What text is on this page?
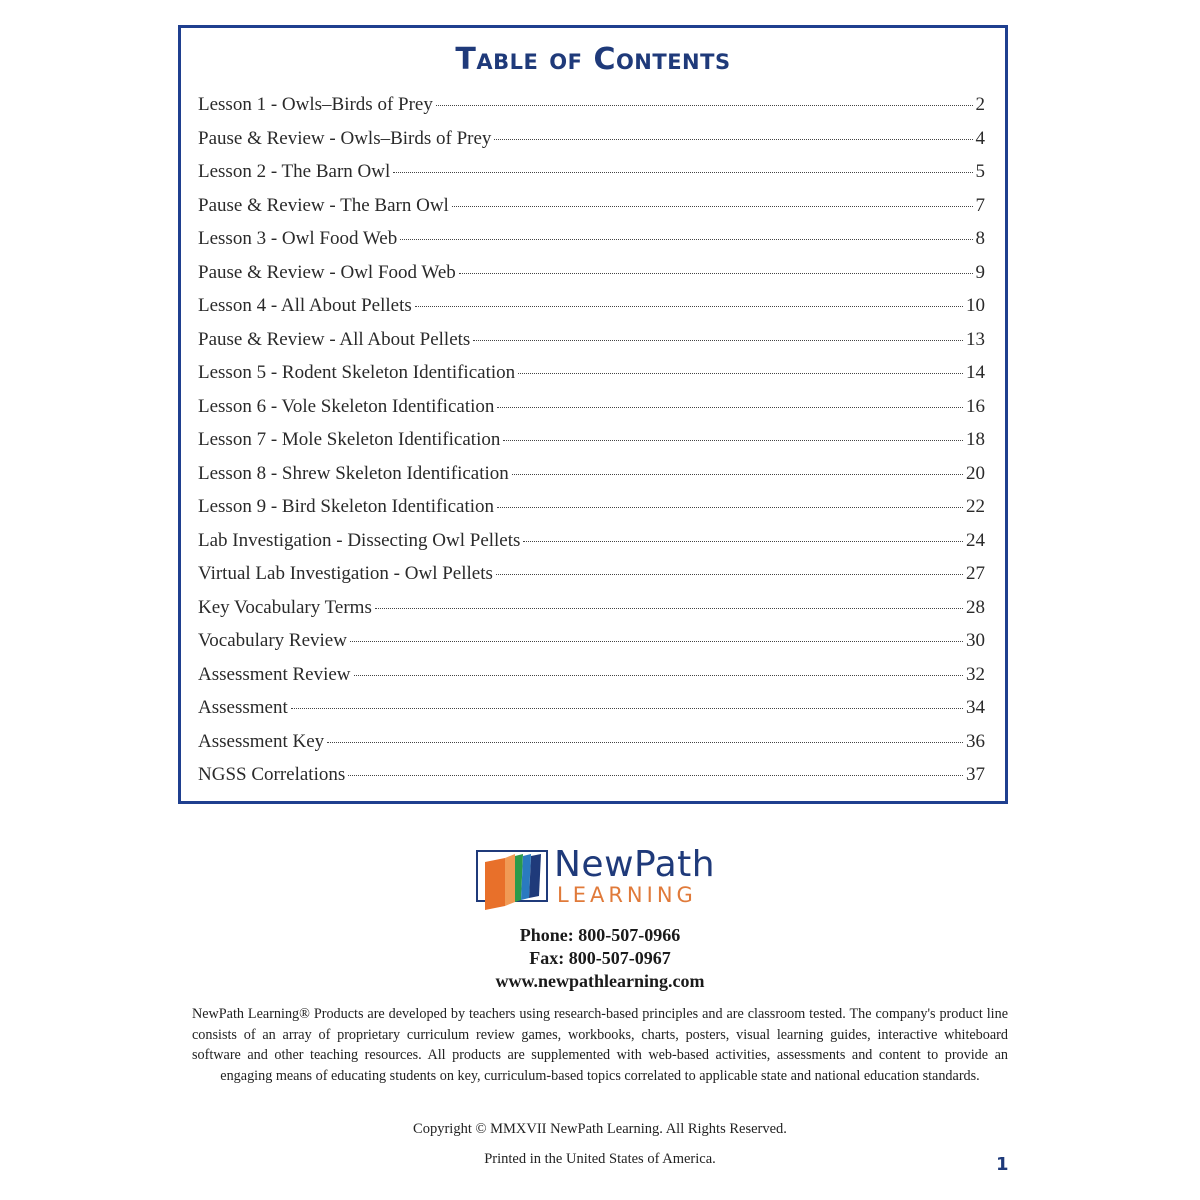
Table of Contents
Lesson 1 - Owls–Birds of Prey	2
Pause & Review - Owls–Birds of Prey	4
Lesson 2 - The Barn Owl	5
Pause & Review - The Barn Owl	7
Lesson 3 - Owl Food Web	8
Pause & Review - Owl Food Web	9
Lesson 4 - All About Pellets	10
Pause & Review - All About Pellets	13
Lesson 5 - Rodent Skeleton Identification	14
Lesson 6 - Vole Skeleton Identification	16
Lesson 7 - Mole Skeleton Identification	18
Lesson 8 - Shrew Skeleton Identification	20
Lesson 9 - Bird Skeleton Identification	22
Lab Investigation - Dissecting Owl Pellets	24
Virtual Lab Investigation - Owl Pellets	27
Key Vocabulary Terms	28
Vocabulary Review	30
Assessment Review	32
Assessment	34
Assessment Key	36
NGSS Correlations	37
NewPath
LEARNING
Phone: 800-507-0966
Fax: 800-507-0967
www.newpathlearning.com
NewPath Learning® Products are developed by teachers using research-based principles and are classroom tested. The company's product line consists of an array of proprietary curriculum review games, workbooks, charts, posters, visual learning guides, interactive whiteboard software and other teaching resources. All products are supplemented with web-based activities, assessments and content to provide an engaging means of educating students on key, curriculum-based topics correlated to applicable state and national education standards.
Copyright © MMXVII NewPath Learning. All Rights Reserved.
Printed in the United States of America.	1
